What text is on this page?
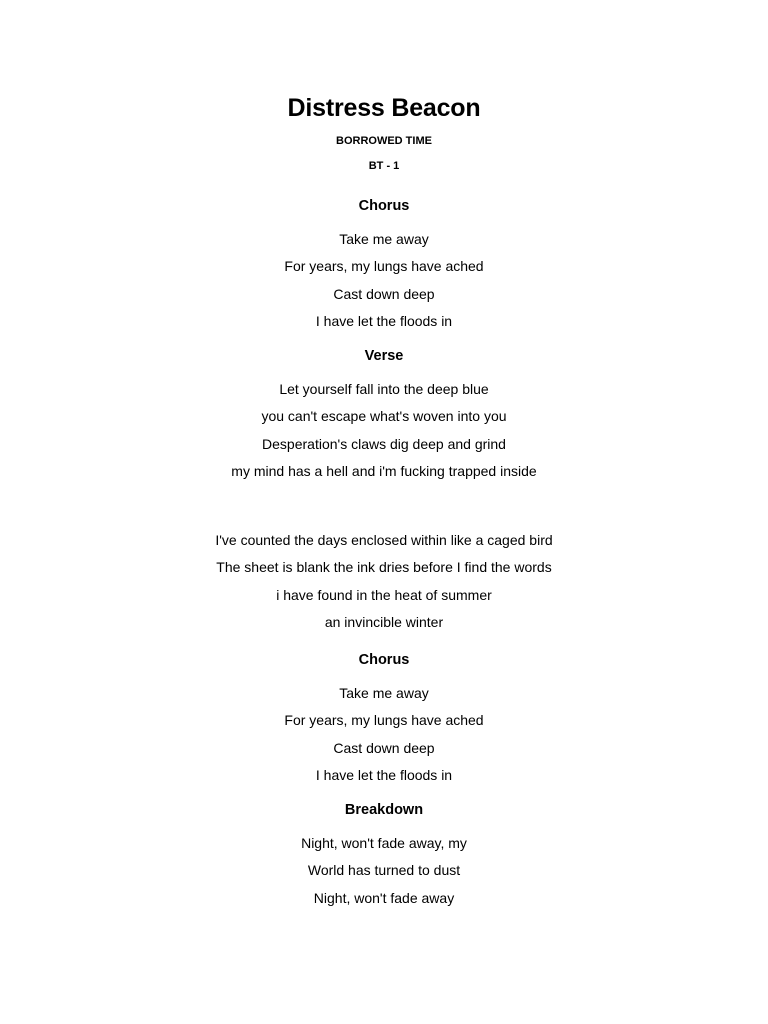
Distress Beacon
BORROWED TIME
BT - 1
Chorus
Take me away
For years, my lungs have ached
Cast down deep
I have let the floods in
Verse
Let yourself fall into the deep blue
you can't escape what's woven into you
Desperation's claws dig deep and grind
my mind has a hell and i'm fucking trapped inside
I've counted the days enclosed within like a caged bird
The sheet is blank the ink dries before I find the words
i have found in the heat of summer
an invincible winter
Chorus
Take me away
For years, my lungs have ached
Cast down deep
I have let the floods in
Breakdown
Night, won't fade away, my
World has turned to dust
Night, won't fade away
